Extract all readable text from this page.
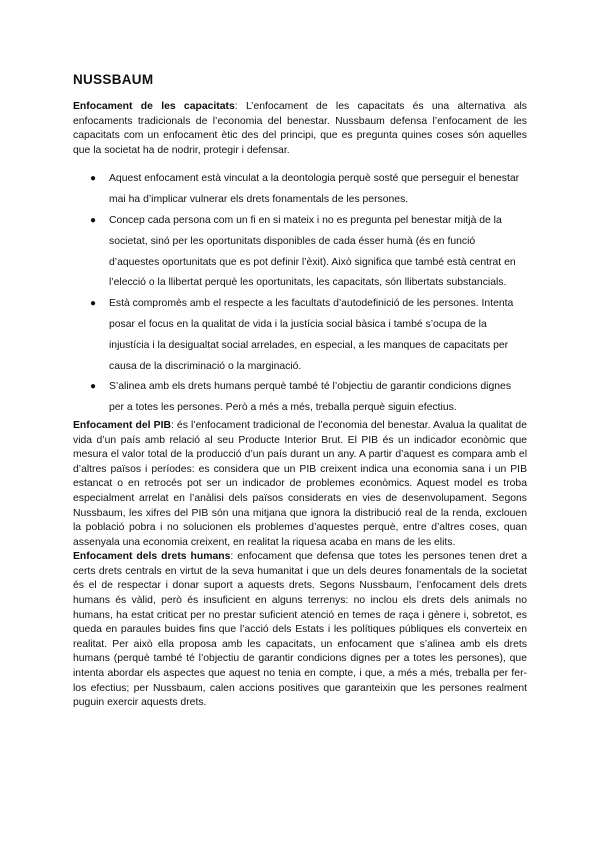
NUSSBAUM

Enfocament de les capacitats: L’enfocament de les capacitats és una alternativa als enfocaments tradicionals de l’economia del benestar. Nussbaum defensa l’enfocament de les capacitats com un enfocament ètic des del principi, que es pregunta quines coses són aquelles que la societat ha de nodrir, protegir i defensar.

● Aquest enfocament està vinculat a la deontologia perquè sosté que perseguir el benestar mai ha d’implicar vulnerar els drets fonamentals de les persones.
● Concep cada persona com un fi en si mateix i no es pregunta pel benestar mitjà de la societat, sinó per les oportunitats disponibles de cada ésser humà (és en funció d’aquestes oportunitats que es pot definir l’èxit). Això significa que també està centrat en l’elecció o la llibertat perquè les oportunitats, les capacitats, són llibertats substancials.
● Està compromès amb el respecte a les facultats d’autodefinició de les persones. Intenta posar el focus en la qualitat de vida i la justícia social bàsica i també s’ocupa de la injustícia i la desigualtat social arrelades, en especial, a les manques de capacitats per causa de la discriminació o la marginació.
● S’alinea amb els drets humans perquè també té l’objectiu de garantir condicions dignes per a totes les persones. Però a més a més, treballa perquè siguin efectius.

Enfocament del PIB: és l’enfocament tradicional de l’economia del benestar. Avalua la qualitat de vida d’un país amb relació al seu Producte Interior Brut. El PIB és un indicador econòmic que mesura el valor total de la producció d’un país durant un any. A partir d’aquest es compara amb el d’altres països i períodes: es considera que un PIB creixent indica una economia sana i un PIB estancat o en retrocés pot ser un indicador de problemes econòmics. Aquest model es troba especialment arrelat en l’anàlisi dels països considerats en vies de desenvolupament. Segons Nussbaum, les xifres del PIB són una mitjana que ignora la distribució real de la renda, exclouen la població pobra i no solucionen els problemes d’aquestes perquè, entre d’altres coses, quan assenyala una economia creixent, en realitat la riquesa acaba en mans de les elits.

Enfocament dels drets humans: enfocament que defensa que totes les persones tenen dret a certs drets centrals en virtut de la seva humanitat i que un dels deures fonamentals de la societat és el de respectar i donar suport a aquests drets. Segons Nussbaum, l’enfocament dels drets humans és vàlid, però és insuficient en alguns terrenys: no inclou els drets dels animals no humans, ha estat criticat per no prestar suficient atenció en temes de raça i gènere i, sobretot, es queda en paraules buides fins que l’acció dels Estats i les polítiques públiques els converteix en realitat. Per això ella proposa amb les capacitats, un enfocament que s’alinea amb els drets humans (perquè també té l’objectiu de garantir condicions dignes per a totes les persones), que intenta abordar els aspectes que aquest no tenia en compte, i que, a més a més, treballa per fer-los efectius; per Nussbaum, calen accions positives que garanteixin que les persones realment puguin exercir aquests drets.
